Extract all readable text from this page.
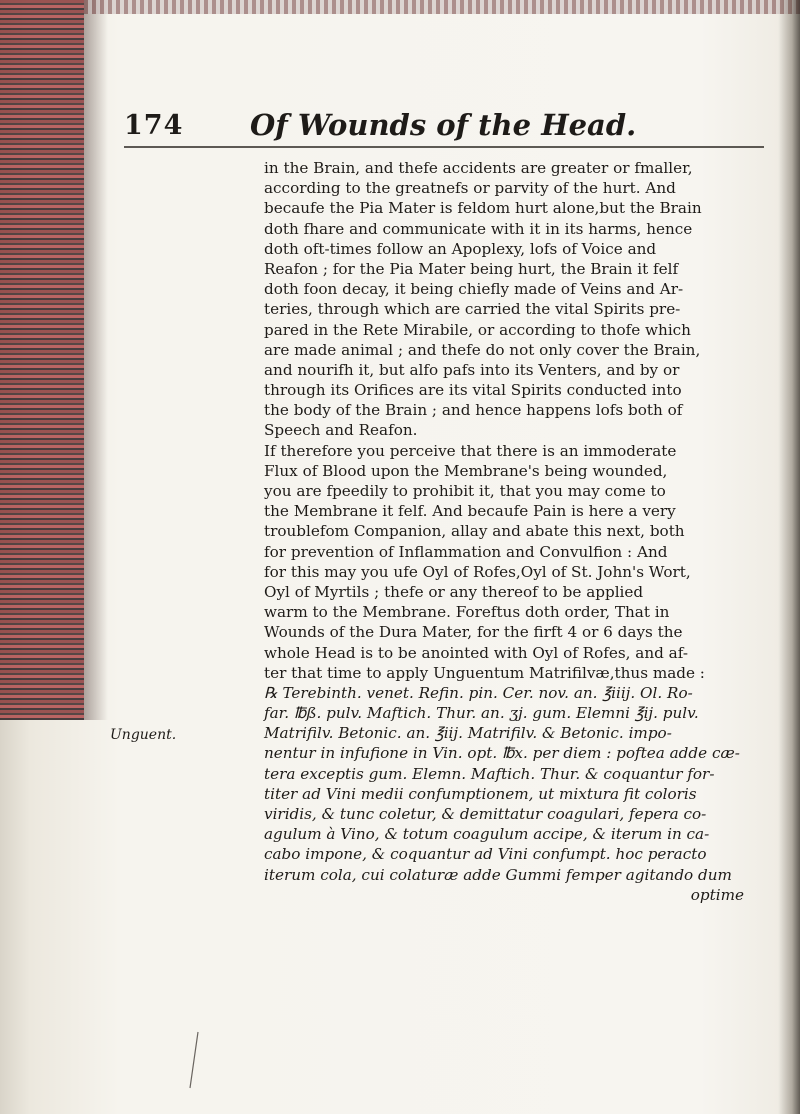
174 Of Wounds of the Head.
in the Brain, and thefe accidents are greater or fmaller,
according to the greatnefs or parvity of the hurt. And
becaufe the Pia Mater is feldom hurt alone,but the Brain
doth fhare and communicate with it in its harms, hence
doth oft-times follow an Apoplexy, lofs of Voice and
Reafon ; for the Pia Mater being hurt, the Brain it felf
doth foon decay, it being chiefly made of Veins and Ar-
teries, through which are carried the vital Spirits pre-
pared in the Rete Mirabile, or according to thofe which
are made animal ; and thefe do not only cover the Brain,
and nourifh it, but alfo pafs into its Venters, and by or
through its Orifices are its vital Spirits conducted into
the body of the Brain ; and hence happens lofs both of
Speech and Reafon.
If therefore you perceive that there is an immoderate
Flux of Blood upon the Membrane's being wounded,
you are fpeedily to prohibit it, that you may come to
the Membrane it felf. And becaufe Pain is here a very
troublefom Companion, allay and abate this next, both
for prevention of Inflammation and Convulfion : And
for this may you ufe Oyl of Rofes,Oyl of St. John's Wort,
Oyl of Myrtils ; thefe or any thereof to be applied
warm to the Membrane. Foreftus doth order, That in
Wounds of the Dura Mater, for the firft 4 or 6 days the
whole Head is to be anointed with Oyl of Rofes, and af-
ter that time to apply Unguentum Matrifilvæ,thus made :
℞ Terebinth. venet. Refin. pin. Cer. nov. an. ℥iiij. Ol. Ro-
far. ℔ß. pulv. Maftich. Thur. an. ʒj. gum. Elemni ℥ij. pulv.
Matrifilv. Betonic. an. ℥iij. Matrifilv. & Betonic. impo-
nentur in infufione in Vin. opt. ℔x. per diem : poftea adde cæ-
tera exceptis gum. Elemn. Maftich. Thur. & coquantur for-
titer ad Vini medii confumptionem, ut mixtura fit coloris
viridis, & tunc coletur, & demittatur coagulari, fepera co-
agulum à Vino, & totum coagulum accipe, & iterum in ca-
cabo impone, & coquantur ad Vini confumpt. hoc peracto
iterum cola, cui colaturæ adde Gummi femper agitando dum
optime
Unguent.
